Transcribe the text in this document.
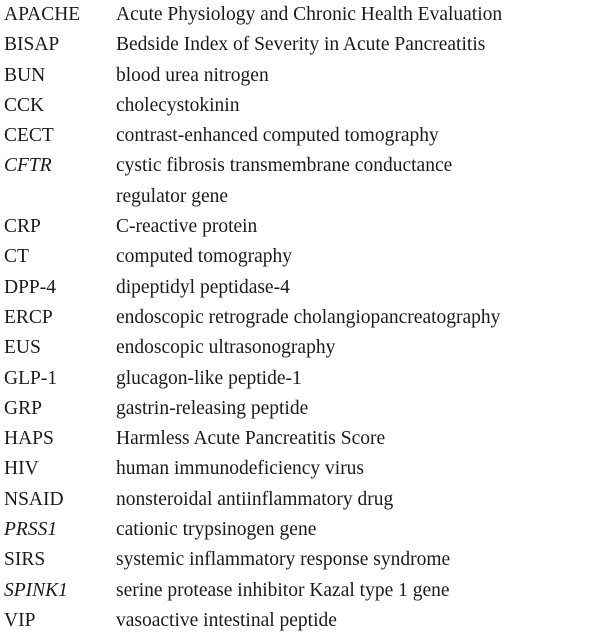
APACHE	Acute Physiology and Chronic Health Evaluation
BISAP	Bedside Index of Severity in Acute Pancreatitis
BUN	blood urea nitrogen
CCK	cholecystokinin
CECT	contrast-enhanced computed tomography
CFTR	cystic fibrosis transmembrane conductance
regulator gene
CRP	C-reactive protein
CT	computed tomography
DPP-4	dipeptidyl peptidase-4
ERCP	endoscopic retrograde cholangiopancreatography
EUS	endoscopic ultrasonography
GLP-1	glucagon-like peptide-1
GRP	gastrin-releasing peptide
HAPS	Harmless Acute Pancreatitis Score
HIV	human immunodeficiency virus
NSAID	nonsteroidal antiinflammatory drug
PRSS1	cationic trypsinogen gene
SIRS	systemic inflammatory response syndrome
SPINK1	serine protease inhibitor Kazal type 1 gene
VIP	vasoactive intestinal peptide
